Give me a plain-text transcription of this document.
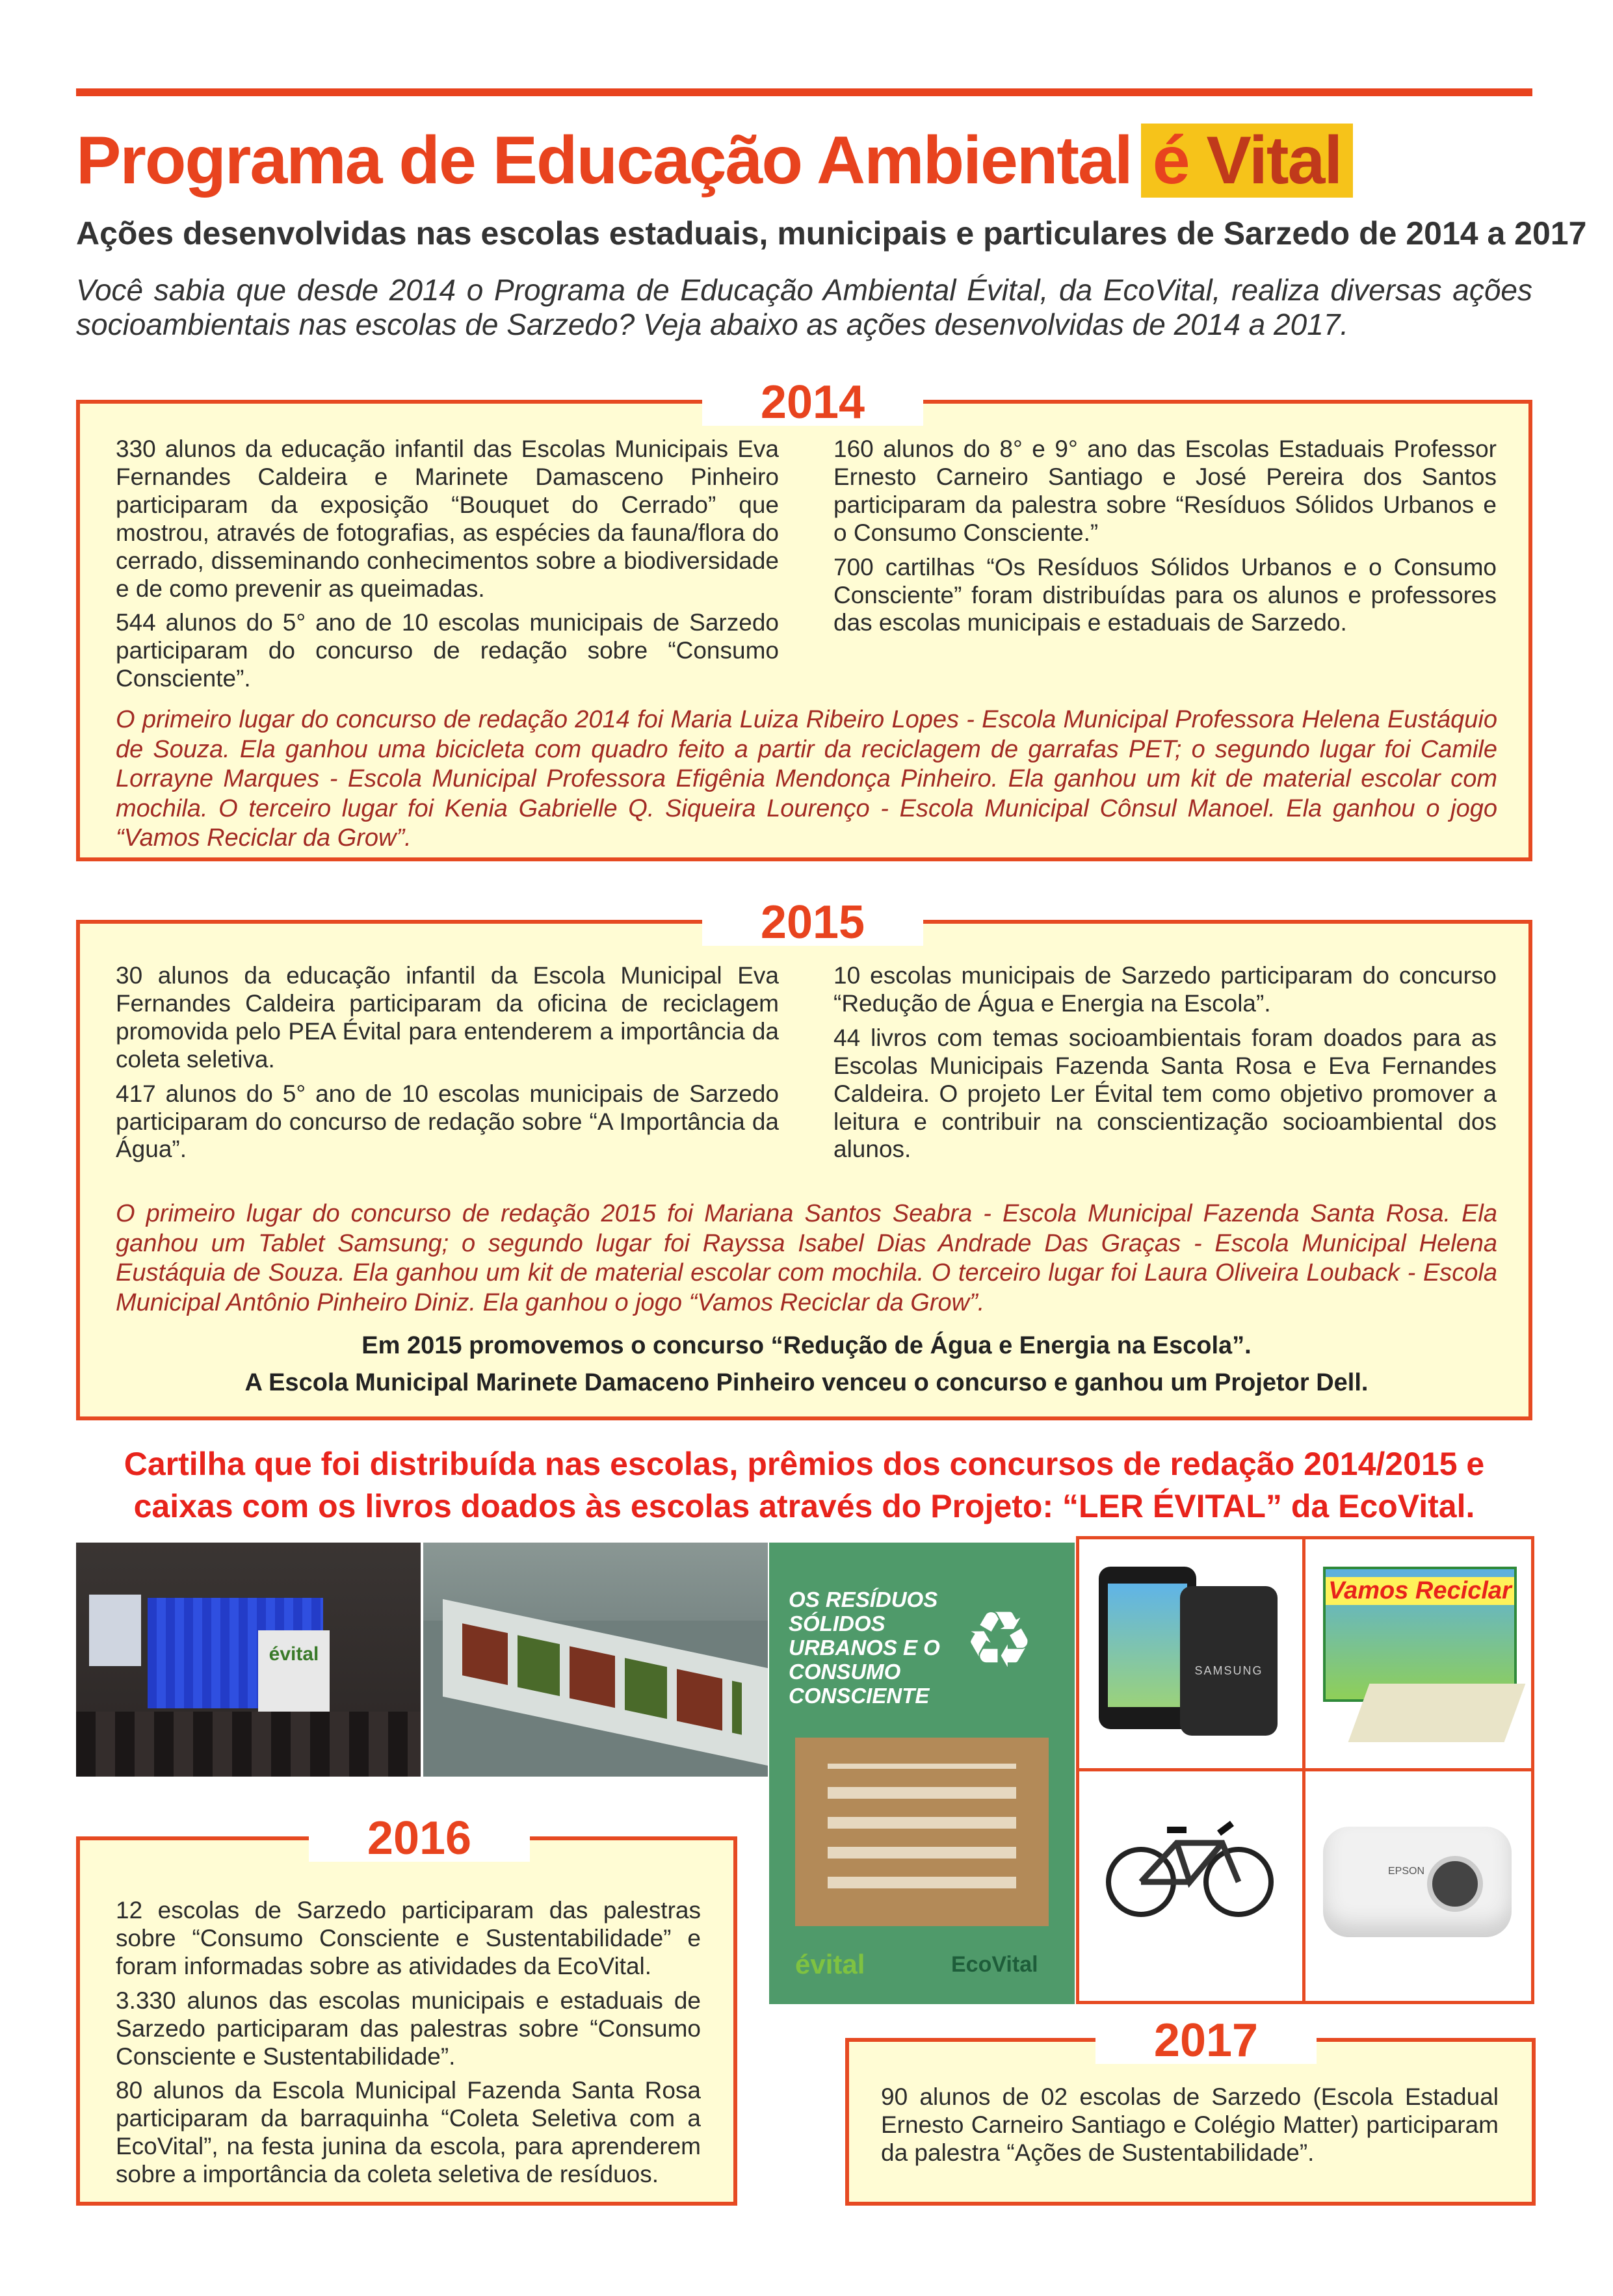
Programa de Educação Ambiental é Vital
Ações desenvolvidas nas escolas estaduais, municipais e particulares de Sarzedo de 2014 a 2017
Você sabia que desde 2014 o Programa de Educação Ambiental Évital, da EcoVital, realiza diversas ações socioambientais nas escolas de Sarzedo? Veja abaixo as ações desenvolvidas de 2014 a 2017.
2014

330 alunos da educação infantil das Escolas Municipais Eva Fernandes Caldeira e Marinete Damasceno Pinheiro participaram da exposição “Bouquet do Cerrado” que mostrou, através de fotografias, as espécies da fauna/flora do cerrado, disseminando conhecimentos sobre a biodiversidade e de como prevenir as queimadas.

544 alunos do 5° ano de 10 escolas municipais de Sarzedo participaram do concurso de redação sobre “Consumo Consciente”.

160 alunos do 8° e 9° ano das Escolas Estaduais Professor Ernesto Carneiro Santiago e José Pereira dos Santos participaram da palestra sobre “Resíduos Sólidos Urbanos e o Consumo Consciente.”

700 cartilhas “Os Resíduos Sólidos Urbanos e o Consumo Consciente” foram distribuídas para os alunos e professores das escolas municipais e estaduais de Sarzedo.

O primeiro lugar do concurso de redação 2014 foi Maria Luiza Ribeiro Lopes - Escola Municipal Professora Helena Eustáquio de Souza. Ela ganhou uma bicicleta com quadro feito a partir da reciclagem de garrafas PET; o segundo lugar foi Camile Lorrayne Marques - Escola Municipal Professora Efigênia Mendonça Pinheiro. Ela ganhou um kit de material escolar com mochila. O terceiro lugar foi Kenia Gabrielle Q. Siqueira Lourenço - Escola Municipal Cônsul Manoel. Ela ganhou o jogo “Vamos Reciclar da Grow”.
2015

30 alunos da educação infantil da Escola Municipal Eva Fernandes Caldeira participaram da oficina de reciclagem promovida pelo PEA Évital para entenderem a importância da coleta seletiva.

417 alunos do 5° ano de 10 escolas municipais de Sarzedo participaram do concurso de redação sobre “A Importância da Água”.

10 escolas municipais de Sarzedo participaram do concurso “Redução de Água e Energia na Escola”.

44 livros com temas socioambientais foram doados para as Escolas Municipais Fazenda Santa Rosa e Eva Fernandes Caldeira. O projeto Ler Évital tem como objetivo promover a leitura e contribuir na conscientização socioambiental dos alunos.

O primeiro lugar do concurso de redação 2015 foi Mariana Santos Seabra - Escola Municipal Fazenda Santa Rosa. Ela ganhou um Tablet Samsung; o segundo lugar foi Rayssa Isabel Dias Andrade Das Graças - Escola Municipal Helena Eustáquia de Souza. Ela ganhou um kit de material escolar com mochila. O terceiro lugar foi Laura Oliveira Louback - Escola Municipal Antônio Pinheiro Diniz. Ela ganhou o jogo “Vamos Reciclar da Grow”.
Em 2015 promovemos o concurso “Redução de Água e Energia na Escola”.
A Escola Municipal Marinete Damaceno Pinheiro venceu o concurso e ganhou um Projetor Dell.
Cartilha que foi distribuída nas escolas, prêmios dos concursos de redação 2014/2015 e caixas com os livros doados às escolas através do Projeto: “LER ÉVITAL” da EcoVital.
évital
OS RESÍDUOS SÓLIDOS URBANOS E O CONSUMO CONSCIENTE
♻
évital	EcoVital
SAMSUNG
Vamos Reciclar
EPSON
2016

12 escolas de Sarzedo participaram das palestras sobre “Consumo Consciente e Sustentabilidade” e foram informadas sobre as atividades da EcoVital.

3.330 alunos das escolas municipais e estaduais de Sarzedo participaram das palestras sobre “Consumo Consciente e Sustentabilidade”.

80 alunos da Escola Municipal Fazenda Santa Rosa participaram da barraquinha “Coleta Seletiva com a EcoVital”, na festa junina da escola, para aprenderem sobre a importância da coleta seletiva de resíduos.

2017
90 alunos de 02 escolas de Sarzedo (Escola Estadual Ernesto Carneiro Santiago e Colégio Matter) participaram da palestra “Ações de Sustentabilidade”.
